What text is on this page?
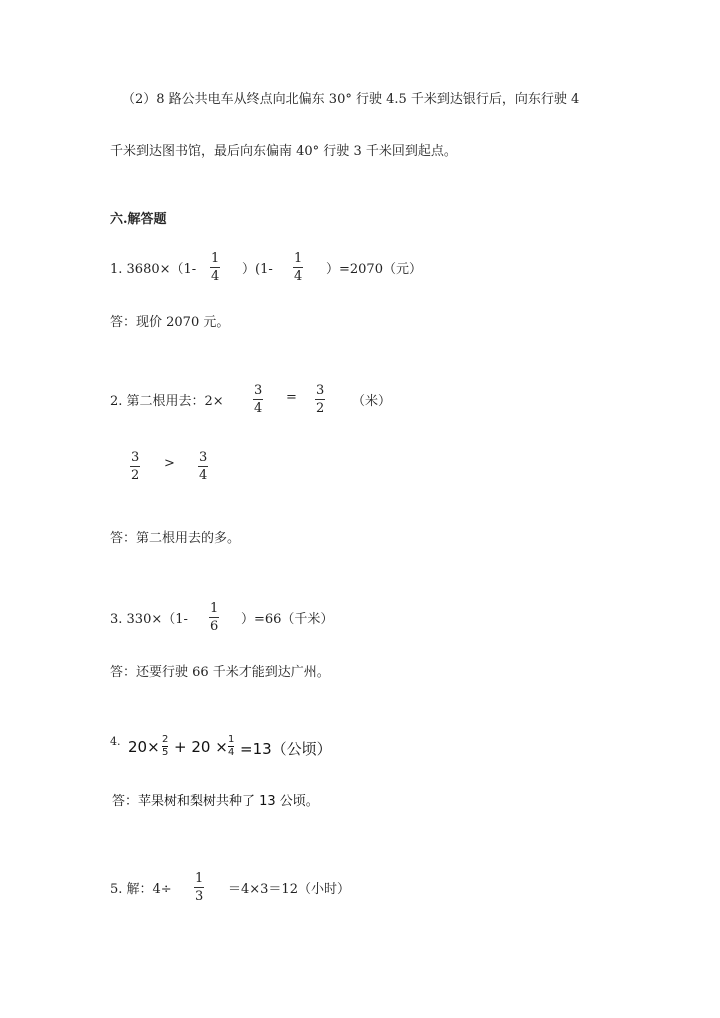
（2）8 路公共电车从终点向北偏东 30° 行驶 4.5 千米到达银行后，向东行驶 4
千米到达图书馆，最后向东偏南 40° 行驶 3 千米回到起点。
六.解答题
1. 3680×（1-
1
4 ）(1-
1
4 ）=2070（元）
答：现价 2070 元。
2. 第二根用去：2×
3
4
= 3
2 （米）
3
2
> 3
4
答：第二根用去的多。
3. 330×（1-
1
6 ）=66（千米）
答：还要行驶 66 千米才能到达广州。
4. 20× 2
5 + 20 × 1
4 =13（公顷）
答：苹果树和梨树共种了 13 公顷。
5. 解：4÷
1
3 ＝4×3＝12（小时）
